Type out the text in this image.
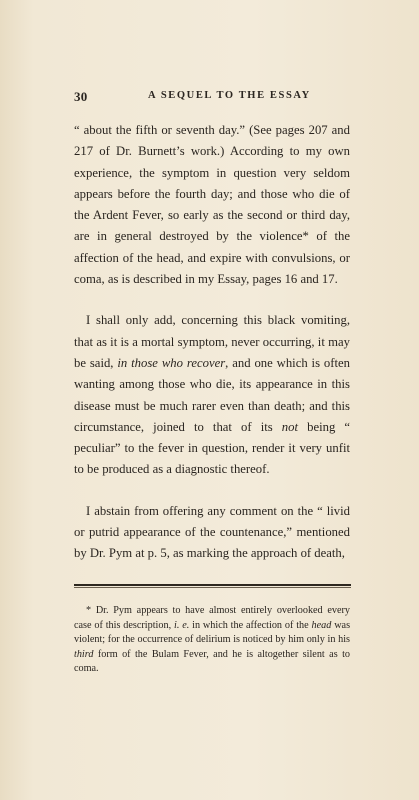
30	A SEQUEL TO THE ESSAY

“ about the fifth or seventh day.” (See pages 207 and 217 of Dr. Burnett’s work.) According to my own experience, the symptom in question very seldom appears before the fourth day; and those who die of the Ardent Fever, so early as the second or third day, are in general destroyed by the violence* of the affection of the head, and expire with convulsions, or coma, as is described in my Essay, pages 16 and 17.

I shall only add, concerning this black vomiting, that as it is a mortal symptom, never occurring, it may be said, in those who recover, and one which is often wanting among those who die, its appearance in this disease must be much rarer even than death; and this circumstance, joined to that of its not being “ peculiar” to the fever in question, render it very unfit to be produced as a diagnostic thereof.

I abstain from offering any comment on the “ livid or putrid appearance of the countenance,” mentioned by Dr. Pym at p. 5, as marking the approach of death,

* Dr. Pym appears to have almost entirely overlooked every case of this description, i. e. in which the affection of the head was violent; for the occurrence of delirium is noticed by him only in his third form of the Bulam Fever, and he is altogether silent as to coma.
